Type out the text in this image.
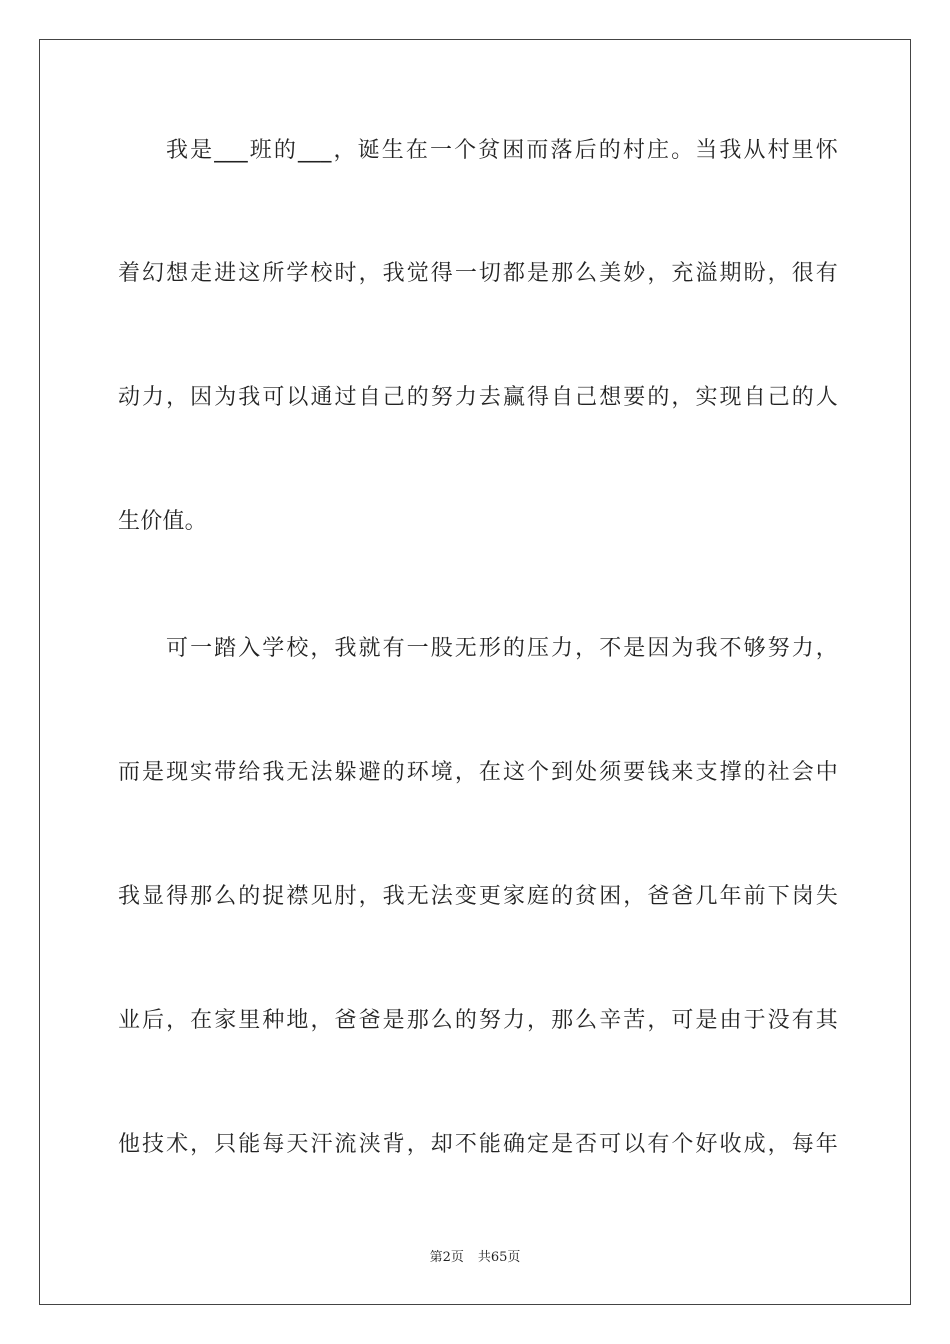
我是___班的___，诞生在一个贫困而落后的村庄。当我从村里怀
着幻想走进这所学校时，我觉得一切都是那么美妙，充溢期盼，很有
动力，因为我可以通过自己的努力去赢得自己想要的，实现自己的人
生价值。
可一踏入学校，我就有一股无形的压力，不是因为我不够努力，
而是现实带给我无法躲避的环境，在这个到处须要钱来支撑的社会中
我显得那么的捉襟见肘，我无法变更家庭的贫困，爸爸几年前下岗失
业后，在家里种地，爸爸是那么的努力，那么辛苦，可是由于没有其
他技术，只能每天汗流浃背，却不能确定是否可以有个好收成，每年
第2页 共65页
